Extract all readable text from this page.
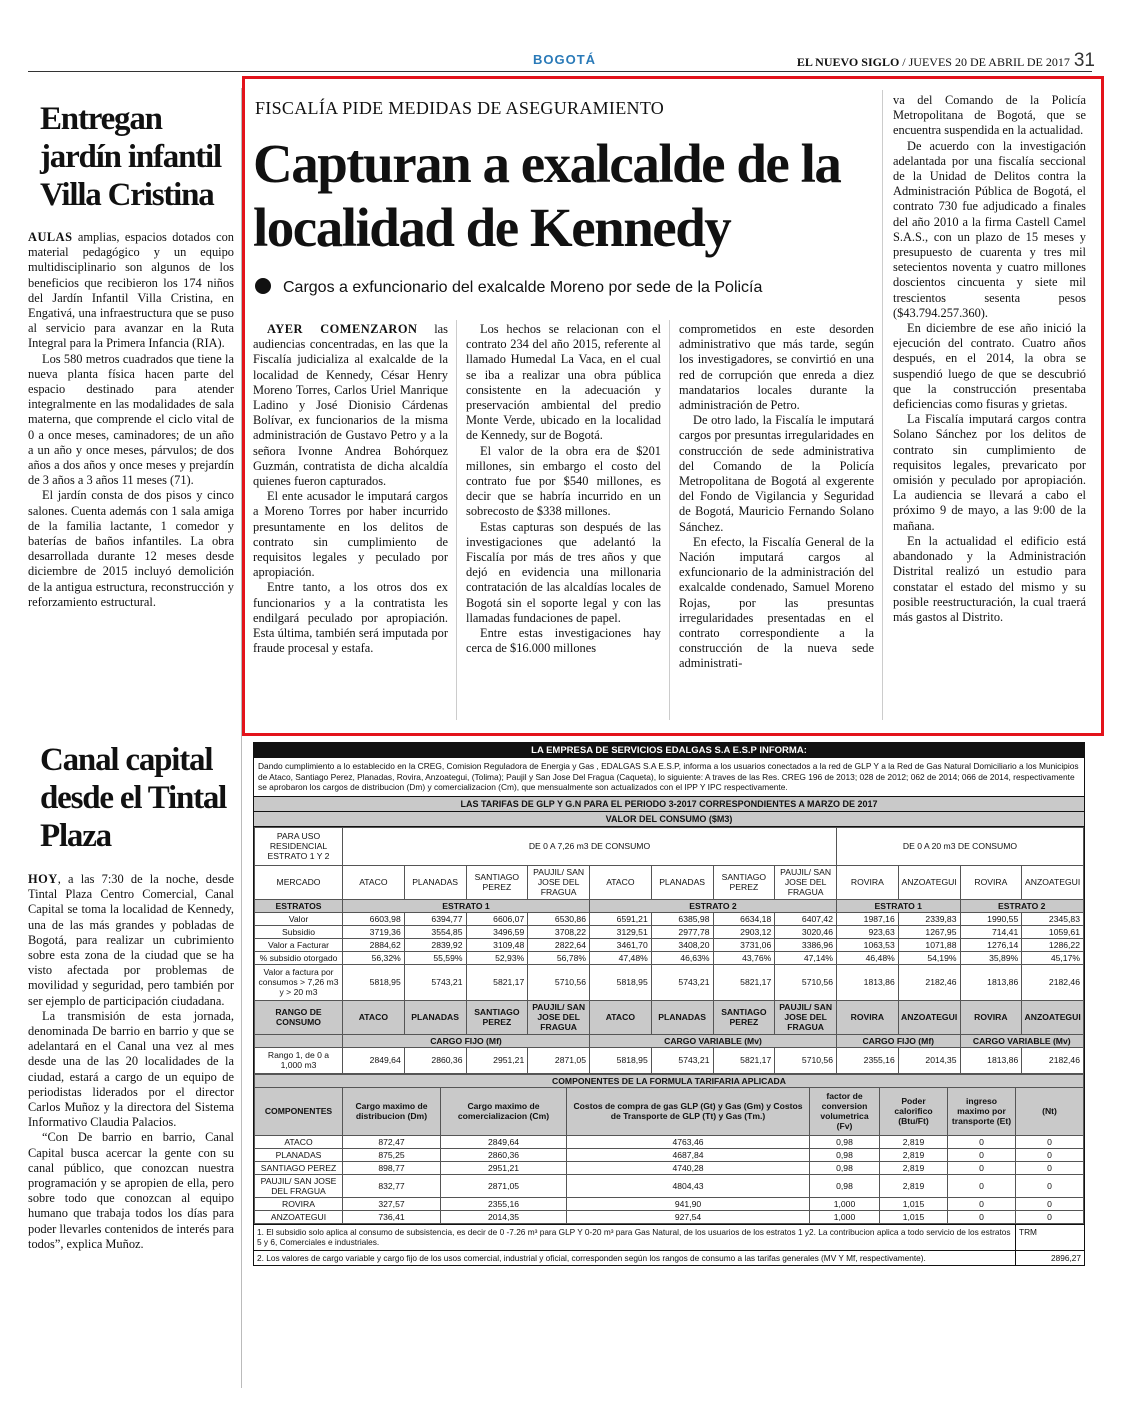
BOGOTÁ	EL NUEVO SIGLO / JUEVES 20 DE ABRIL DE 2017 31
Entregan jardín infantil Villa Cristina

AULAS amplias, espacios dotados con material pedagógico y un equipo multidisciplinario son algunos de los beneficios que recibieron los 174 niños del Jardín Infantil Villa Cristina, en Engativá, una infraestructura que se puso al servicio para avanzar en la Ruta Integral para la Primera Infancia (RIA).

Los 580 metros cuadrados que tiene la nueva planta física hacen parte del espacio destinado para atender integralmente en las modalidades de sala materna, que comprende el ciclo vital de 0 a once meses, caminadores; de un año a un año y once meses, párvulos; de dos años a dos años y once meses y prejardín de 3 años a 3 años 11 meses (71).

El jardín consta de dos pisos y cinco salones. Cuenta además con 1 sala amiga de la familia lactante, 1 comedor y baterías de baños infantiles. La obra desarrollada durante 12 meses desde diciembre de 2015 incluyó demolición de la antigua estructura, reconstrucción y reforzamiento estructural.

Canal capital desde el Tintal Plaza

HOY, a las 7:30 de la noche, desde Tintal Plaza Centro Comercial, Canal Capital se toma la localidad de Kennedy, una de las más grandes y pobladas de Bogotá, para realizar un cubrimiento sobre esta zona de la ciudad que se ha visto afectada por problemas de movilidad y seguridad, pero también por ser ejemplo de participación ciudadana.

La transmisión de esta jornada, denominada De barrio en barrio y que se adelantará en el Canal una vez al mes desde una de las 20 localidades de la ciudad, estará a cargo de un equipo de periodistas liderados por el director Carlos Muñoz y la directora del Sistema Informativo Claudia Palacios.

“Con De barrio en barrio, Canal Capital busca acercar la gente con su canal público, que conozcan nuestra programación y se apropien de ella, pero sobre todo que conozcan al equipo humano que trabaja todos los días para poder llevarles contenidos de interés para todos”, explica Muñoz.

FISCALÍA PIDE MEDIDAS DE ASEGURAMIENTO
Capturan a exalcalde de la localidad de Kennedy
Cargos a exfuncionario del exalcalde Moreno por sede de la Policía

AYER COMENZARON las audiencias concentradas, en las que la Fiscalía judicializa al exalcalde de la localidad de Kennedy, César Henry Moreno Torres, Carlos Uriel Manrique Ladino y José Dionisio Cárdenas Bolívar, ex funcionarios de la misma administración de Gustavo Petro y a la señora Ivonne Andrea Bohórquez Guzmán, contratista de dicha alcaldía quienes fueron capturados.

El ente acusador le imputará cargos a Moreno Torres por haber incurrido presuntamente en los delitos de contrato sin cumplimiento de requisitos legales y peculado por apropiación.

Entre tanto, a los otros dos ex funcionarios y a la contratista les endilgará peculado por apropiación. Esta última, también será imputada por fraude procesal y estafa.

Los hechos se relacionan con el contrato 234 del año 2015, referente al llamado Humedal La Vaca, en el cual se iba a realizar una obra pública consistente en la adecuación y preservación ambiental del predio Monte Verde, ubicado en la localidad de Kennedy, sur de Bogotá.

El valor de la obra era de $201 millones, sin embargo el costo del contrato fue por $540 millones, es decir que se habría incurrido en un sobrecosto de $338 millones.

Estas capturas son después de las investigaciones que adelantó la Fiscalía por más de tres años y que dejó en evidencia una millonaria contratación de las alcaldías locales de Bogotá sin el soporte legal y con las llamadas fundaciones de papel.

Entre estas investigaciones hay cerca de $16.000 millones

comprometidos en este desorden administrativo que más tarde, según los investigadores, se convirtió en una red de corrupción que enreda a diez mandatarios locales durante la administración de Petro.

De otro lado, la Fiscalía le imputará cargos por presuntas irregularidades en construcción de sede administrativa del Comando de la Policía Metropolitana de Bogotá al exgerente del Fondo de Vigilancia y Seguridad de Bogotá, Mauricio Fernando Solano Sánchez.

En efecto, la Fiscalía General de la Nación imputará cargos al exfuncionario de la administración del exalcalde condenado, Samuel Moreno Rojas, por las presuntas irregularidades presentadas en el contrato correspondiente a la construcción de la nueva sede administrati-

va del Comando de la Policía Metropolitana de Bogotá, que se encuentra suspendida en la actualidad.

De acuerdo con la investigación adelantada por una fiscalía seccional de la Unidad de Delitos contra la Administración Pública de Bogotá, el contrato 730 fue adjudicado a finales del año 2010 a la firma Castell Camel S.A.S., con un plazo de 15 meses y presupuesto de cuarenta y tres mil setecientos noventa y cuatro millones doscientos cincuenta y siete mil trescientos sesenta pesos ($43.794.257.360).

En diciembre de ese año inició la ejecución del contrato. Cuatro años después, en el 2014, la obra se suspendió luego de que se descubrió que la construcción presentaba deficiencias como fisuras y grietas.

La Fiscalía imputará cargos contra Solano Sánchez por los delitos de contrato sin cumplimiento de requisitos legales, prevaricato por omisión y peculado por apropiación. La audiencia se llevará a cabo el próximo 9 de mayo, a las 9:00 de la mañana.

En la actualidad el edificio está abandonado y la Administración Distrital realizó un estudio para constatar el estado del mismo y su posible reestructuración, la cual traerá más gastos al Distrito.

LA EMPRESA DE SERVICIOS EDALGAS S.A E.S.P INFORMA:
Dando cumplimiento a lo establecido en la CREG, Comision Reguladora de Energia y Gas , EDALGAS S.A E.S.P, informa a los usuarios conectados a la red de GLP Y a la Red de Gas Natural Domiciliario a los Municipios de Ataco, Santiago Perez, Planadas, Rovira, Anzoategui, (Tolima); Paujil y San Jose Del Fragua (Caqueta), lo siguiente: A traves de las Res. CREG 196 de 2013; 028 de 2012; 062 de 2014; 066 de 2014, respectivamente se aprobaron los cargos de distribucion (Dm) y comercializacion (Cm), que mensualmente son actualizados con el IPP Y IPC respectivamente.
LAS TARIFAS DE GLP Y G.N PARA EL PERIODO 3-2017 CORRESPONDIENTES A MARZO DE 2017
VALOR DEL CONSUMO ($M3)
PARA USO RESIDENCIAL ESTRATO 1 Y 2	DE 0 A 7,26 m3 DE CONSUMO								DE 0 A 20 m3 DE CONSUMO			
MERCADO	ATACO	PLANADAS	SANTIAGO PEREZ	PAUJIL/ SAN JOSE DEL FRAGUA	ATACO	PLANADAS	SANTIAGO PEREZ	PAUJIL/ SAN JOSE DEL FRAGUA	ROVIRA	ANZOATEGUI	ROVIRA	ANZOATEGUI
ESTRATOS	ESTRATO 1				ESTRATO 2				ESTRATO 1		ESTRATO 2	
Valor	6603,98	6394,77	6606,07	6530,86	6591,21	6385,98	6634,18	6407,42	1987,16	2339,83	1990,55	2345,83
Subsidio	3719,36	3554,85	3496,59	3708,22	3129,51	2977,78	2903,12	3020,46	923,63	1267,95	714,41	1059,61
Valor a Facturar	2884,62	2839,92	3109,48	2822,64	3461,70	3408,20	3731,06	3386,96	1063,53	1071,88	1276,14	1286,22
% subsidio otorgado	56,32%	55,59%	52,93%	56,78%	47,48%	46,63%	43,76%	47,14%	46,48%	54,19%	35,89%	45,17%
Valor a factura por consumos > 7,26 m3 y > 20 m3	5818,95	5743,21	5821,17	5710,56	5818,95	5743,21	5821,17	5710,56	1813,86	2182,46	1813,86	2182,46
RANGO DE CONSUMO	ATACO	PLANADAS	SANTIAGO PEREZ	PAUJIL/ SAN JOSE DEL FRAGUA	ATACO	PLANADAS	SANTIAGO PEREZ	PAUJIL/ SAN JOSE DEL FRAGUA	ROVIRA	ANZOATEGUI	ROVIRA	ANZOATEGUI
	CARGO FIJO (Mf)				CARGO VARIABLE (Mv)				CARGO FIJO (Mf)		CARGO VARIABLE (Mv)	
Rango 1, de 0 a 1,000 m3	2849,64	2860,36	2951,21	2871,05	5818,95	5743,21	5821,17	5710,56	2355,16	2014,35	1813,86	2182,46
COMPONENTES DE LA FORMULA TARIFARIA APLICADA							
COMPONENTES	Cargo maximo de distribucion (Dm)	Cargo maximo de comercializacion (Cm)	Costos de compra de gas GLP (Gt) y Gas (Gm) y Costos de Transporte de GLP (Tt) y Gas (Tm.)	factor de conversion volumetrica (Fv)	Poder calorifico (Btu/Ft)	ingreso maximo por transporte (Et)	(Nt)
ATACO	872,47	2849,64	4763,46	0,98	2,819	0	0
PLANADAS	875,25	2860,36	4687,84	0,98	2,819	0	0
SANTIAGO PEREZ	898,77	2951,21	4740,28	0,98	2,819	0	0
PAUJIL/ SAN JOSE DEL FRAGUA	832,77	2871,05	4804,43	0,98	2,819	0	0
ROVIRA	327,57	2355,16	941,90	1,000	1,015	0	0
ANZOATEGUI	736,41	2014,35	927,54	1,000	1,015	0	0
1. El subsidio solo aplica al consumo de subsistencia, es decir de 0 -7.26 m³ para GLP Y 0-20 m³ para Gas Natural, de los usuarios de los estratos 1 y2. La contribucion aplica a todo servicio de los estratos 5 y 6, Comerciales e industriales.
TRM
2. Los valores de cargo variable y cargo fijo de los usos comercial, industrial y oficial, corresponden según los rangos de consumo a las tarifas generales (MV Y Mf, respectivamente).	2896,27
